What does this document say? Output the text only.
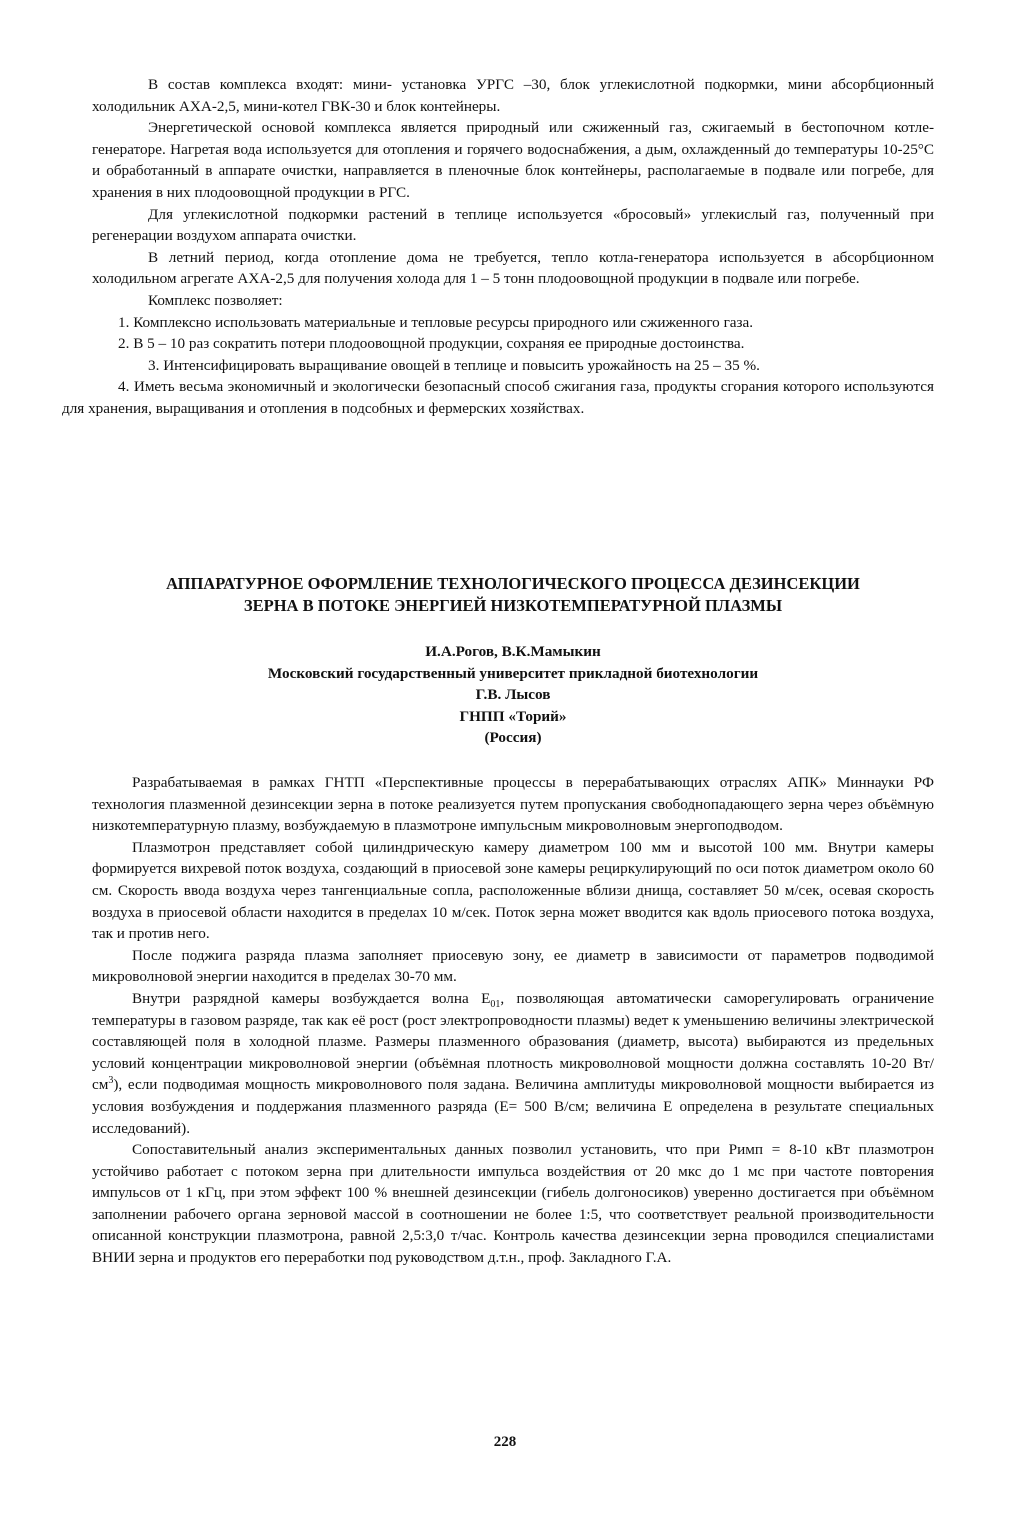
В состав комплекса входят: мини- установка УРГС –30, блок углекислотной подкормки, мини абсорбционный холодильник АХА-2,5, мини-котел ГВК-30 и блок контейнеры.

Энергетической основой комплекса является природный или сжиженный газ, сжигаемый в бестопочном котле-генераторе. Нагретая вода используется для отопления и горячего водоснабжения, а дым, охлажденный до температуры 10-25°С и обработанный в аппарате очистки, направляется в пленочные блок контейнеры, располагаемые в подвале или погребе, для хранения в них плодоовощной продукции в РГС.

Для углекислотной подкормки растений в теплице используется «бросовый» углекислый газ, полученный при регенерации воздухом аппарата очистки.

В летний период, когда отопление дома не требуется, тепло котла-генератора используется в абсорбционном холодильном агрегате АХА-2,5 для получения холода для 1 – 5 тонн плодоовощной продукции в подвале или погребе.

Комплекс позволяет:

1. Комплексно использовать материальные и тепловые ресурсы природного или сжиженного газа.

2. В 5 – 10 раз сократить потери плодоовощной продукции, сохраняя ее природные достоинства.

3. Интенсифицировать выращивание овощей в теплице и повысить урожайность на 25 – 35 %.

4. Иметь весьма экономичный и экологически безопасный способ сжигания газа, продукты сгорания которого используются для хранения, выращивания и отопления в подсобных и фермерских хозяйствах.

АППАРАТУРНОЕ ОФОРМЛЕНИЕ ТЕХНОЛОГИЧЕСКОГО ПРОЦЕССА ДЕЗИНСЕКЦИИ
ЗЕРНА В ПОТОКЕ ЭНЕРГИЕЙ НИЗКОТЕМПЕРАТУРНОЙ ПЛАЗМЫ
И.А.Рогов, В.К.Мамыкин
Московский государственный университет прикладной биотехнологии
Г.В. Лысов
ГНПП «Торий»
(Россия)

Разрабатываемая в рамках ГНТП «Перспективные процессы в перерабатывающих отраслях АПК» Миннауки РФ технология плазменной дезинсекции зерна в потоке реализуется путем пропускания свободнопадающего зерна через объёмную низкотемпературную плазму, возбуждаемую в плазмотроне импульсным микроволновым энергоподводом.

Плазмотрон представляет собой цилиндрическую камеру диаметром 100 мм и высотой 100 мм. Внутри камеры формируется вихревой поток воздуха, создающий в приосевой зоне камеры рециркулирующий по оси поток диаметром около 60 см. Скорость ввода воздуха через тангенциальные сопла, расположенные вблизи днища, составляет 50 м/сек, осевая скорость воздуха в приосевой области находится в пределах 10 м/сек. Поток зерна может вводится как вдоль приосевого потока воздуха, так и против него.

После поджига разряда плазма заполняет приосевую зону, ее диаметр в зависимости от параметров подводимой микроволновой энергии находится в пределах 30-70 мм.

Внутри разрядной камеры возбуждается волна $E_{01}$, позволяющая автоматически саморегулировать ограничение температуры в газовом разряде, так как её рост (рост электропроводности плазмы) ведет к уменьшению величины электрической составляющей поля в холодной плазме. Размеры плазменного образования (диаметр, высота) выбираются из предельных условий концентрации микроволновой энергии (объёмная плотность микроволновой мощности должна составлять 10-20 $Вт/см^3$), если подводимая мощность микроволнового поля задана. Величина амплитуды микроволновой мощности выбирается из условия возбуждения и поддержания плазменного разряда (Е= 500 В/см; величина Е определена в результате специальных исследований).

Сопоставительный анализ экспериментальных данных позволил установить, что при Римп = 8-10 кВт плазмотрон устойчиво работает с потоком зерна при длительности импульса воздействия от 20 мкс до 1 мс при частоте повторения импульсов от 1 кГц, при этом эффект 100 % внешней дезинсекции (гибель долгоносиков) уверенно достигается при объёмном заполнении рабочего органа зерновой массой в соотношении не более 1:5, что соответствует реальной производительности описанной конструкции плазмотрона, равной 2,5:3,0 т/час. Контроль качества дезинсекции зерна проводился специалистами ВНИИ зерна и продуктов его переработки под руководством д.т.н., проф. Закладного Г.А.

228
